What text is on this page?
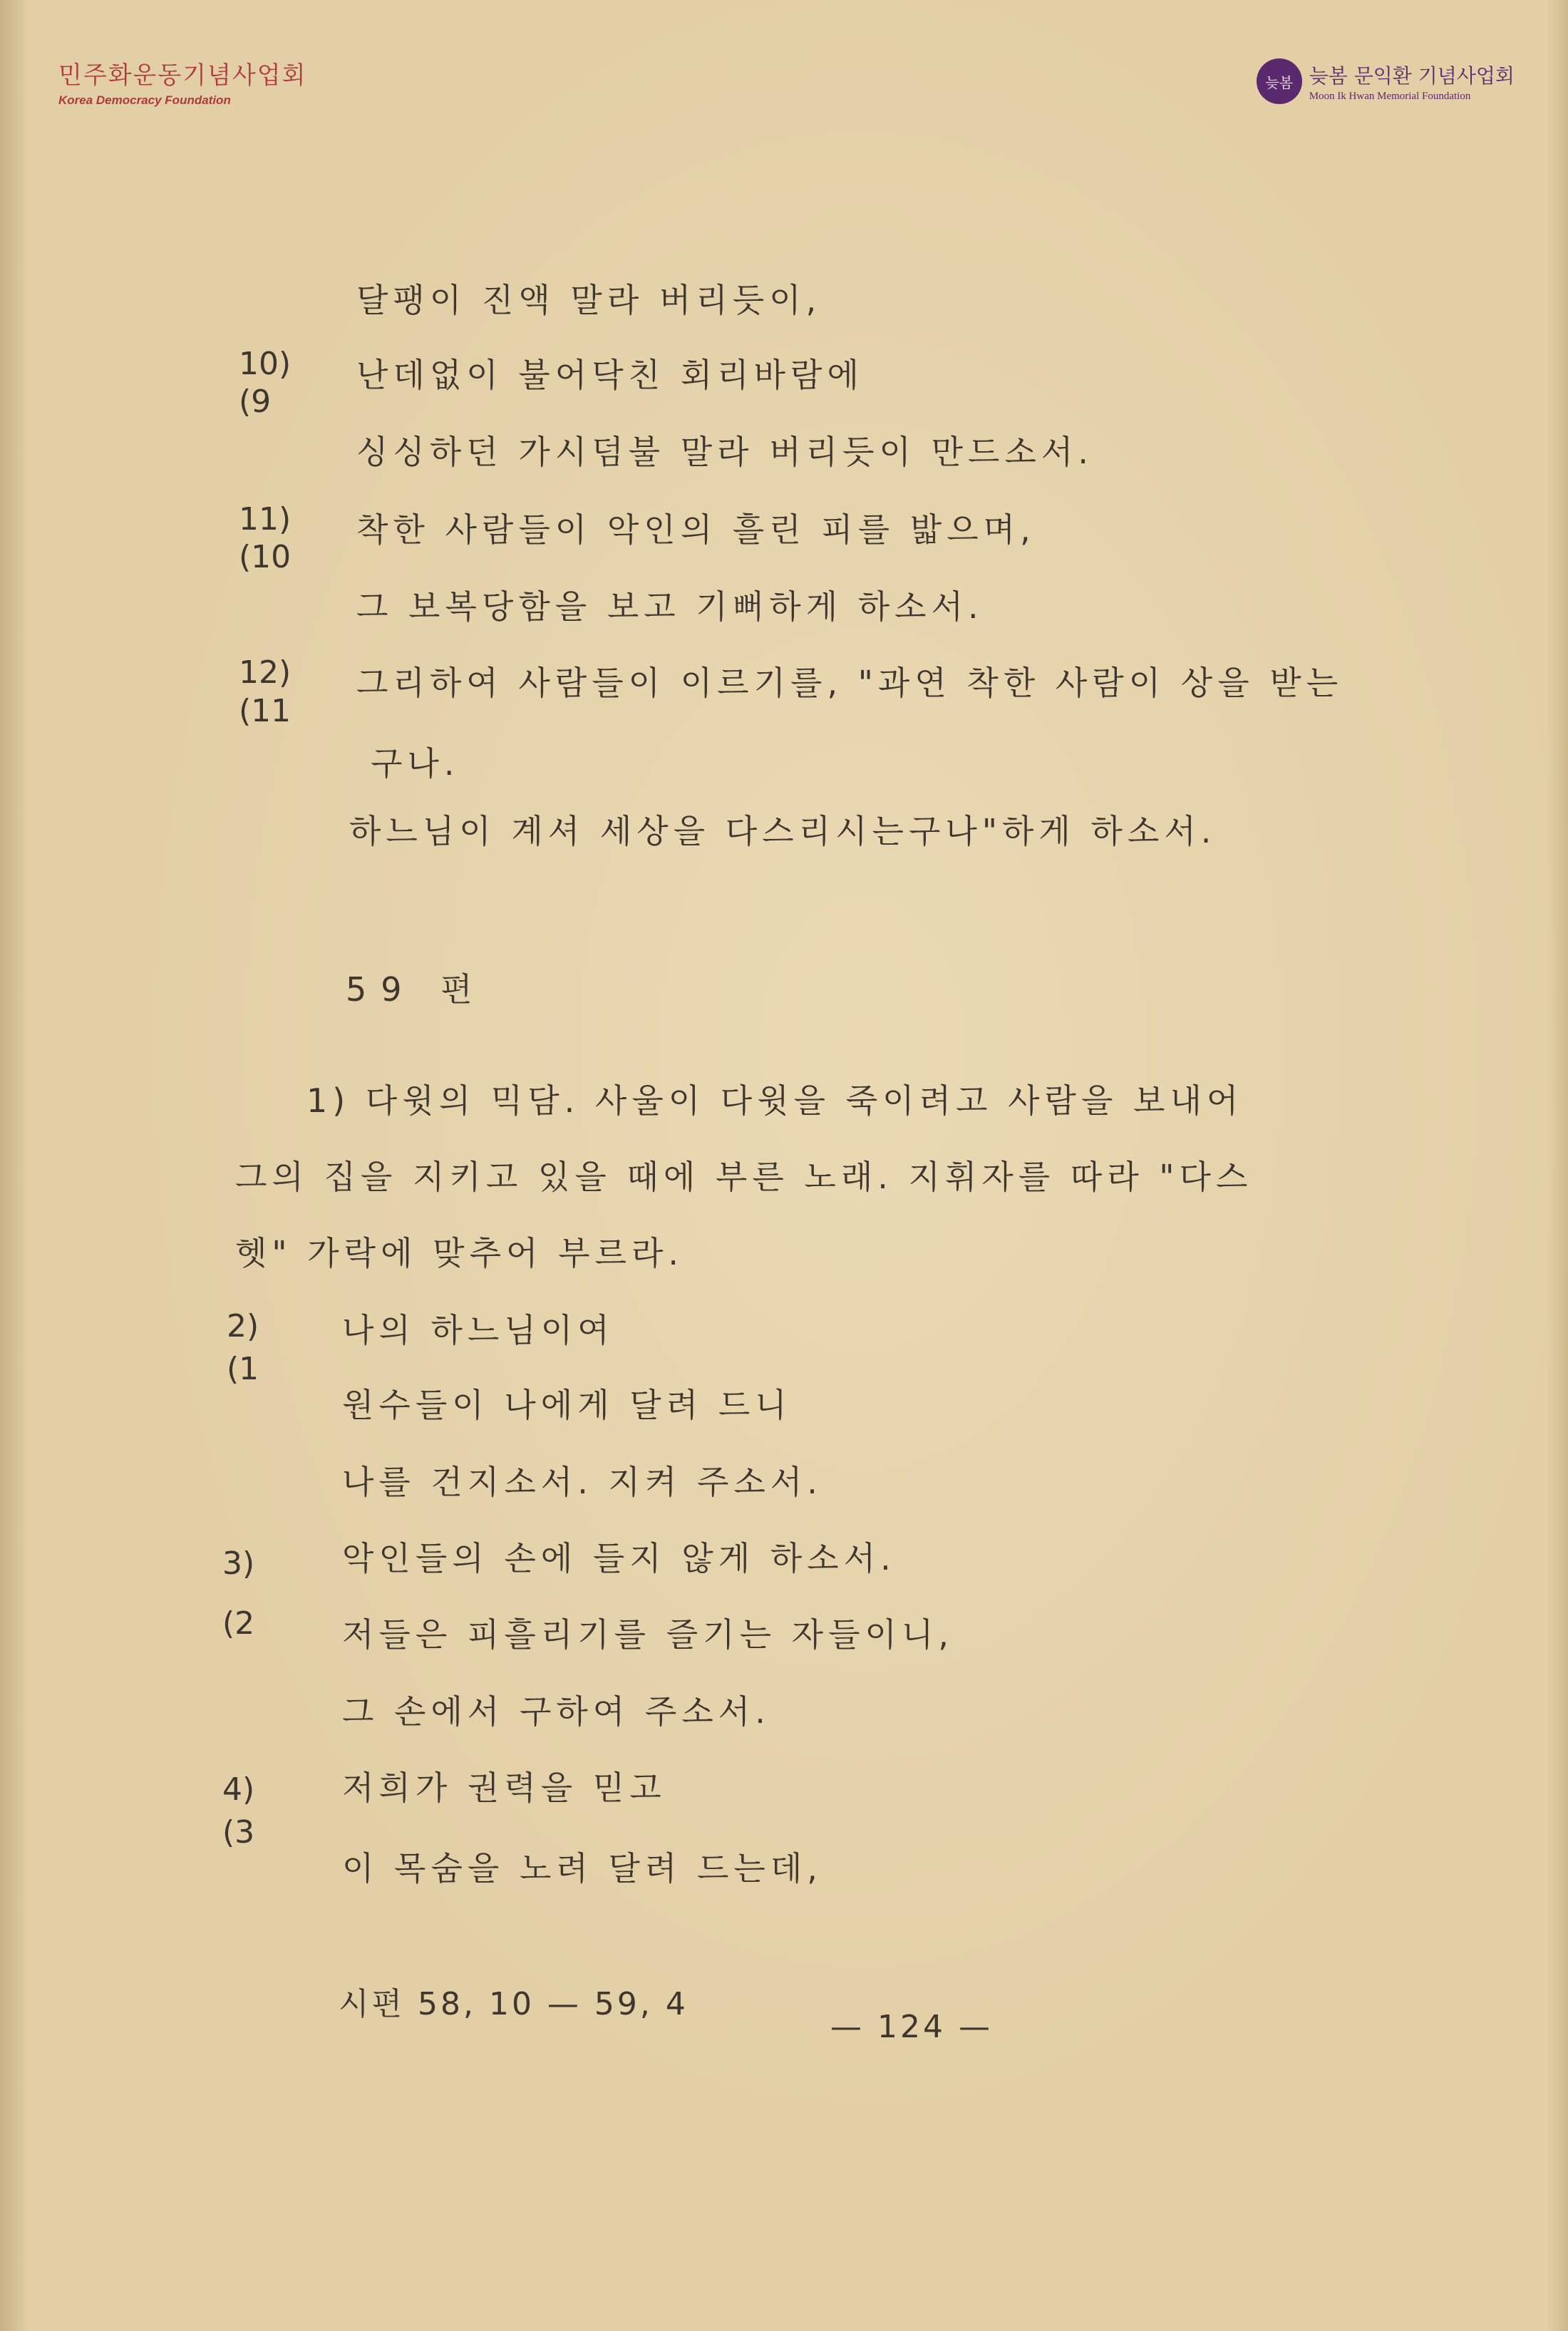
민주화운동기념사업회
Korea Democracy Foundation
늦봄 늦봄 문익환 기념사업회
Moon Ik Hwan Memorial Foundation
달팽이 진액 말라 버리듯이,
10)
(9
난데없이 불어닥친 회리바람에
싱싱하던 가시덤불 말라 버리듯이 만드소서.
11)
(10
착한 사람들이 악인의 흘린 피를 밟으며,
그 보복당함을 보고 기뻐하게 하소서.
12)
(11
그리하여 사람들이 이르기를, "과연 착한 사람이 상을 받는
구나.
하느님이 계셔 세상을 다스리시는구나"하게 하소서.
59 편
1) 다윗의 믹담. 사울이 다윗을 죽이려고 사람을 보내어
그의 집을 지키고 있을 때에 부른 노래. 지휘자를 따라 "다스
헷" 가락에 맞추어 부르라.
2)
(1
나의 하느님이여
원수들이 나에게 달려 드니
나를 건지소서. 지켜 주소서.
3)
(2
악인들의 손에 들지 않게 하소서.
저들은 피흘리기를 즐기는 자들이니,
그 손에서 구하여 주소서.
4)
(3
저희가 권력을 믿고
이 목숨을 노려 달려 드는데,
시편 58, 10 — 59, 4
— 124 —
